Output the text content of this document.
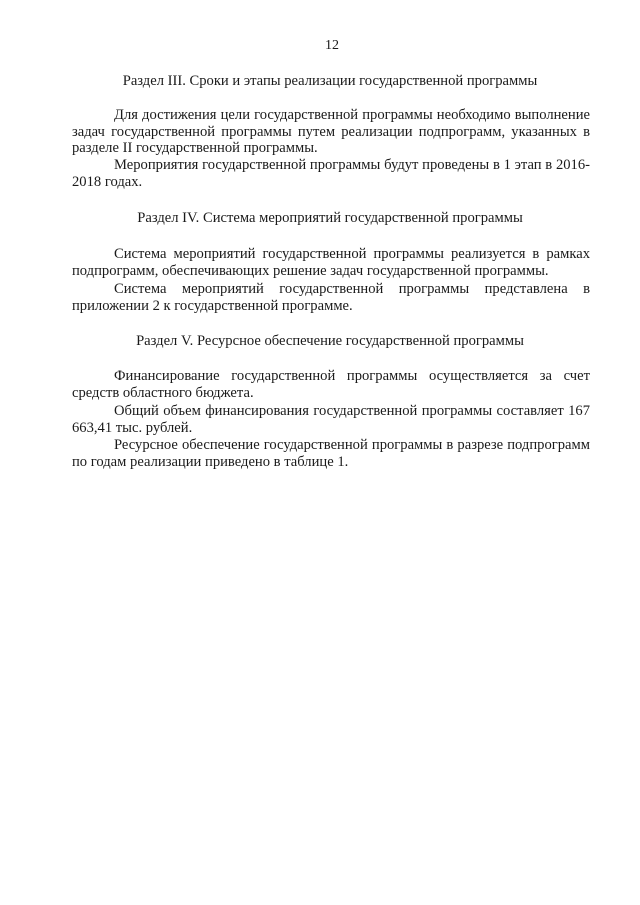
12
Раздел III. Сроки и этапы реализации государственной программы

Для достижения цели государственной программы необходимо выполнение задач государственной программы путем реализации подпрограмм, указанных в разделе II государственной программы.

Мероприятия государственной программы будут проведены в 1 этап в 2016-2018 годах.

Раздел IV. Система мероприятий государственной программы

Система мероприятий государственной программы реализуется в рамках подпрограмм, обеспечивающих решение задач государственной программы.

Система мероприятий государственной программы представлена в приложении 2 к государственной программе.

Раздел V. Ресурсное обеспечение государственной программы

Финансирование государственной программы осуществляется за счет средств областного бюджета.

Общий объем финансирования государственной программы составляет 167 663,41 тыс. рублей.

Ресурсное обеспечение государственной программы в разрезе подпрограмм по годам реализации приведено в таблице 1.
